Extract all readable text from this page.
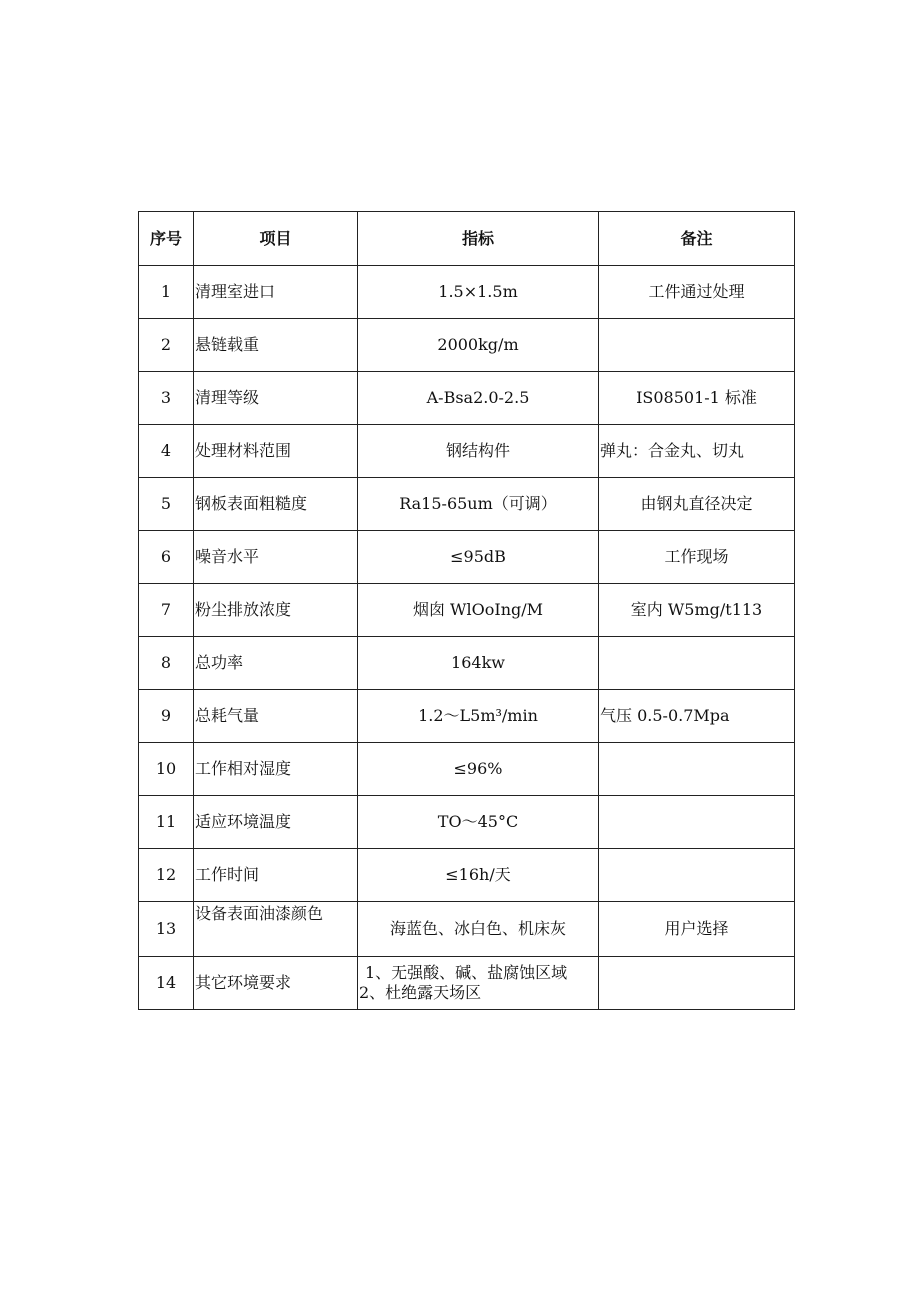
序号	项目	指标	备注
1	清理室进口	1.5×1.5m	工件通过处理
2	悬链载重	2000kg∕m	
3	清理等级	A-Bsa2.0-2.5	IS08501-1 标准
4	处理材料范围	钢结构件	弹丸：合金丸、切丸
5	钢板表面粗糙度	Ra15-65um（可调）	由钢丸直径决定
6	噪音水平	≤95dB	工作现场
7	粉尘排放浓度	烟囱 WlOoIng/M	室内 W5mg∕t113
8	总功率	164kw	
9	总耗气量	1.2〜L5m³∕min	气压 0.5-0.7Mpa
10	工作相对湿度	≤96%	
11	适应环境温度	TO〜45°C	
12	工作时间	≤16h∕天	
13	设备表面油漆颜色	海蓝色、冰白色、机床灰	用户选择
14	其它环境要求	1、无强酸、碱、盐腐蚀区域
2、杜绝露天场区	
